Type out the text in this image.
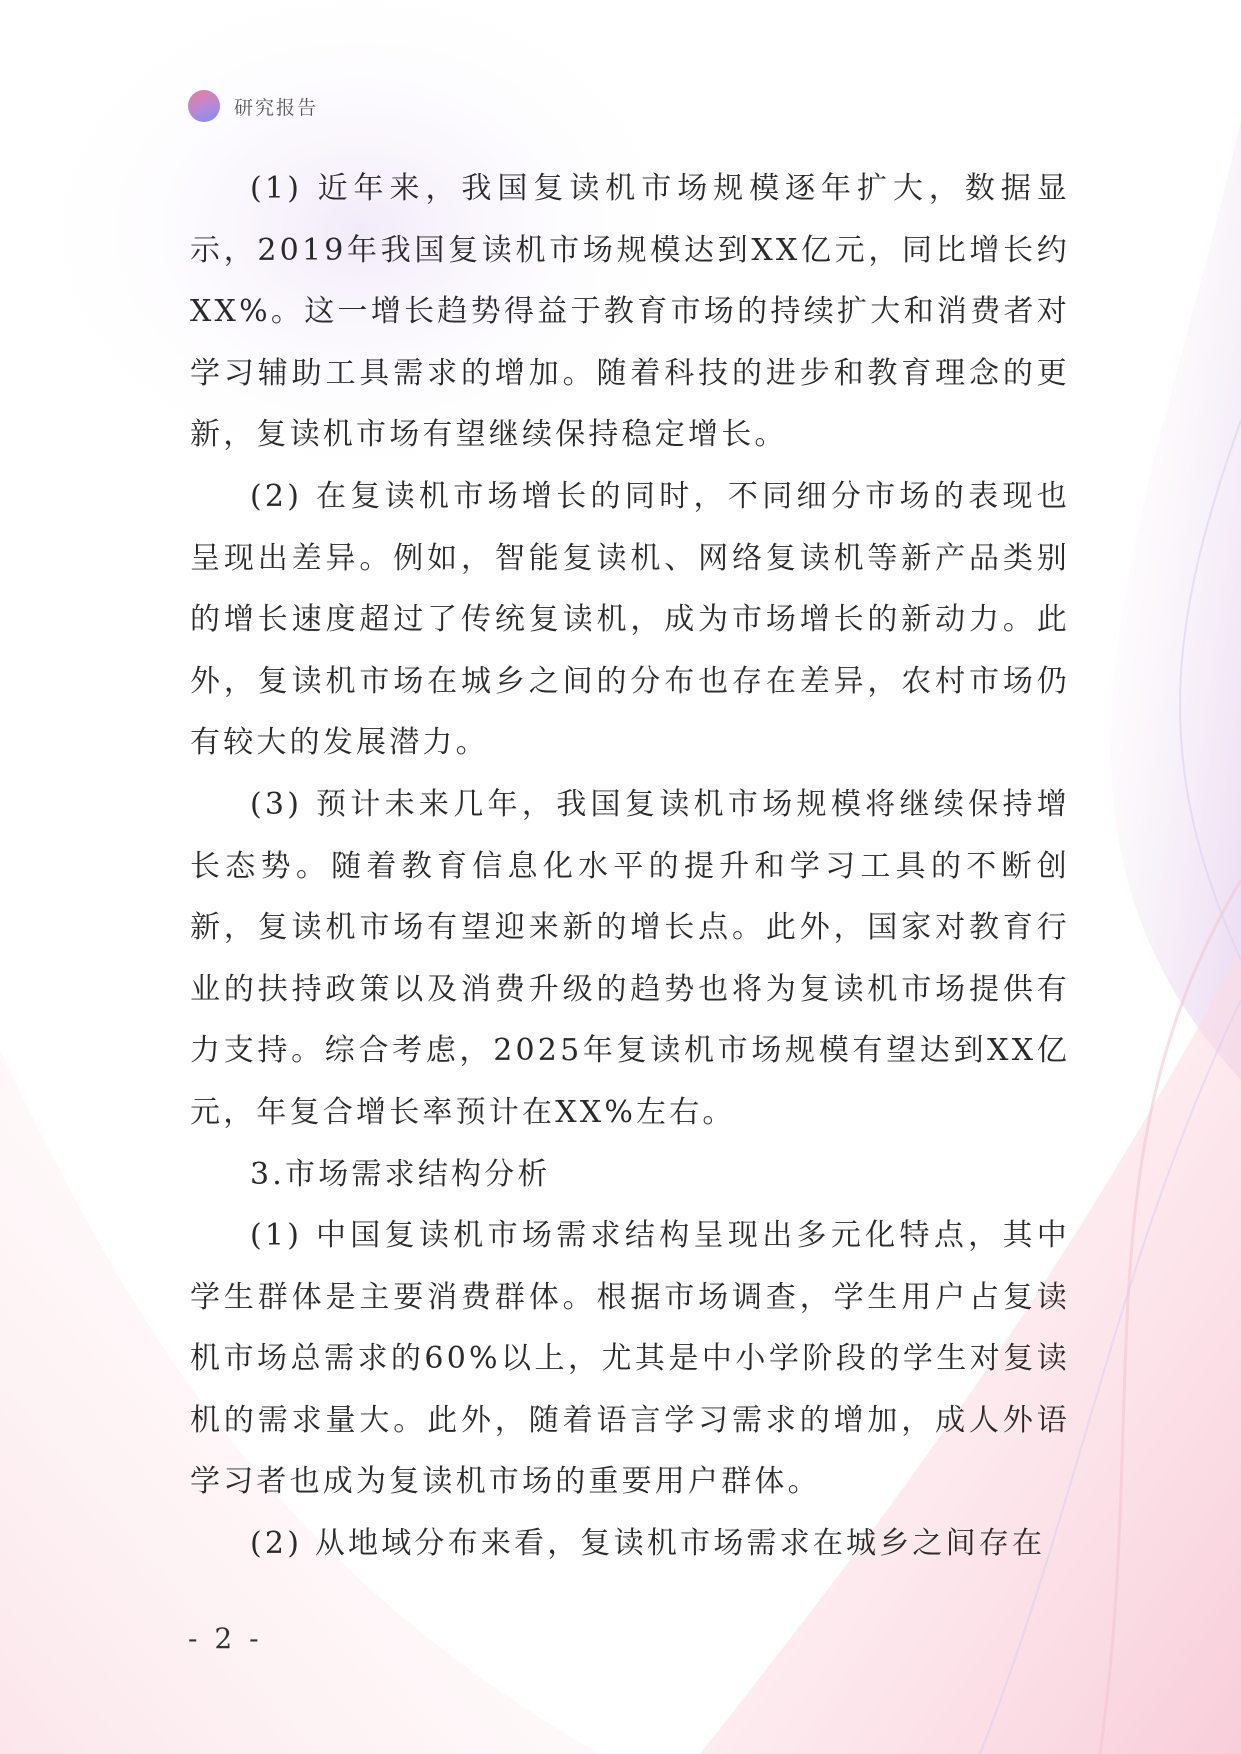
研究报告

(1) 近年来，我国复读机市场规模逐年扩大，数据显示，2019年我国复读机市场规模达到XX亿元，同比增长约XX%。这一增长趋势得益于教育市场的持续扩大和消费者对学习辅助工具需求的增加。随着科技的进步和教育理念的更新，复读机市场有望继续保持稳定增长。

(2) 在复读机市场增长的同时，不同细分市场的表现也呈现出差异。例如，智能复读机、网络复读机等新产品类别的增长速度超过了传统复读机，成为市场增长的新动力。此外，复读机市场在城乡之间的分布也存在差异，农村市场仍有较大的发展潜力。

(3) 预计未来几年，我国复读机市场规模将继续保持增长态势。随着教育信息化水平的提升和学习工具的不断创新，复读机市场有望迎来新的增长点。此外，国家对教育行业的扶持政策以及消费升级的趋势也将为复读机市场提供有力支持。综合考虑，2025年复读机市场规模有望达到XX亿元，年复合增长率预计在XX%左右。

3.市场需求结构分析

(1) 中国复读机市场需求结构呈现出多元化特点，其中学生群体是主要消费群体。根据市场调查，学生用户占复读机市场总需求的60%以上，尤其是中小学阶段的学生对复读机的需求量大。此外，随着语言学习需求的增加，成人外语学习者也成为复读机市场的重要用户群体。

(2) 从地域分布来看，复读机市场需求在城乡之间存在

- 2 -
